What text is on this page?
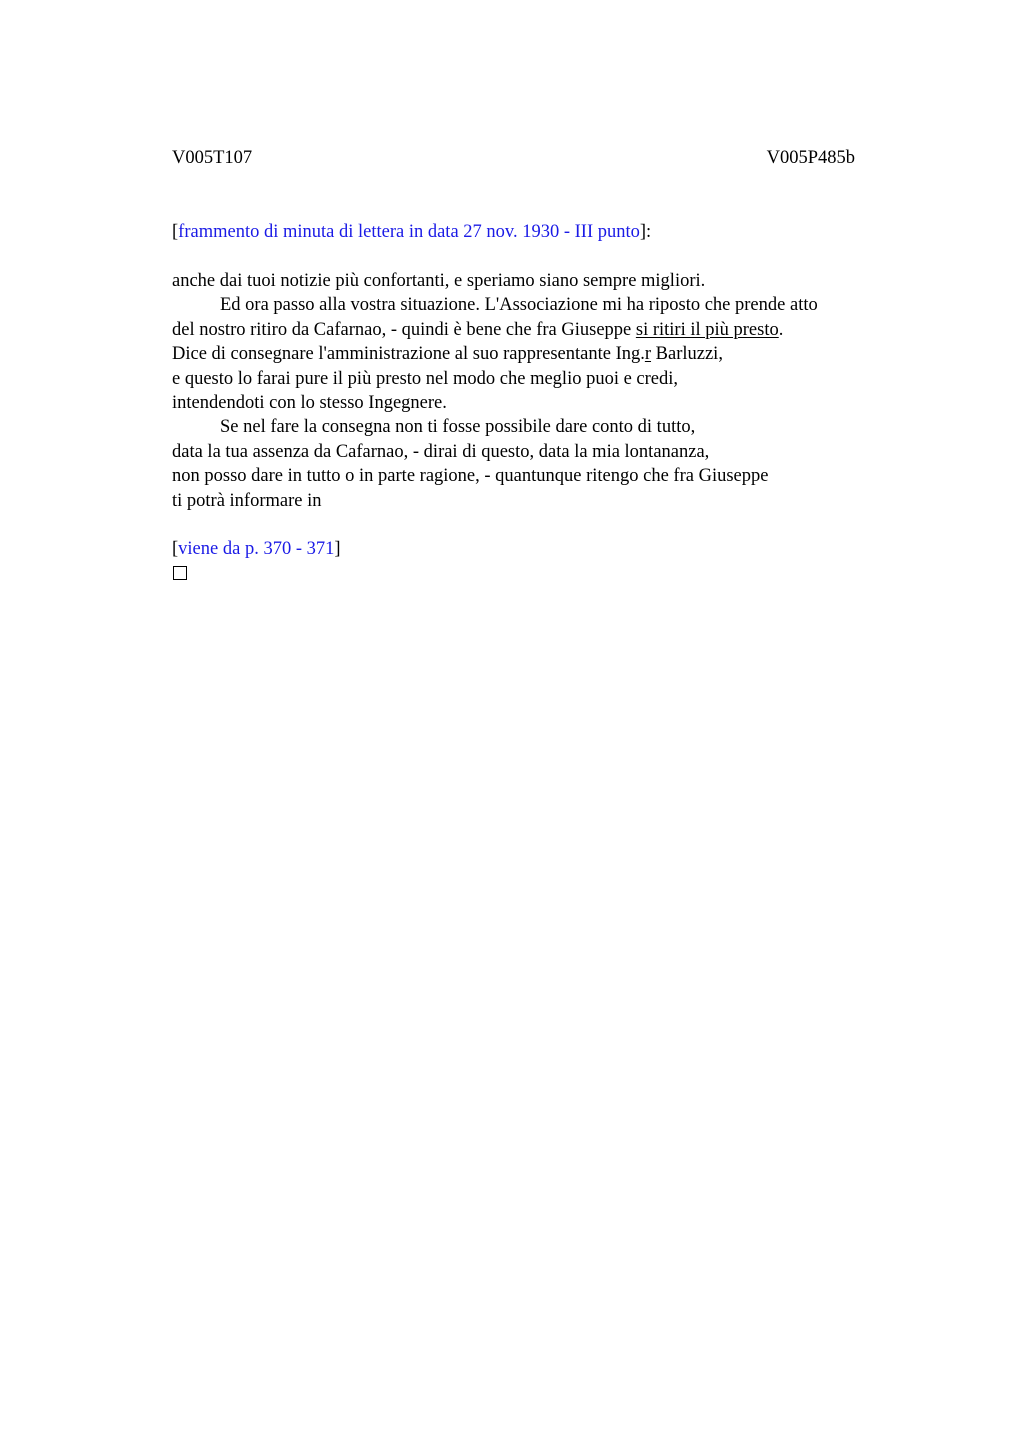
V005T107	V005P485b
[frammento di minuta di lettera in data 27 nov. 1930 - III punto]:
anche dai tuoi notizie più confortanti, e speriamo siano sempre migliori.
Ed ora passo alla vostra situazione. L'Associazione mi ha riposto che prende atto
del nostro ritiro da Cafarnao, - quindi è bene che fra Giuseppe si ritiri il più presto.
Dice di consegnare l'amministrazione al suo rappresentante Ing.r Barluzzi,
e questo lo farai pure il più presto nel modo che meglio puoi e credi,
intendendoti con lo stesso Ingegnere.
Se nel fare la consegna non ti fosse possibile dare conto di tutto,
data la tua assenza da Cafarnao, - dirai di questo, data la mia lontananza,
non posso dare in tutto o in parte ragione, - quantunque ritengo che fra Giuseppe
ti potrà informare in
[viene da p. 370 - 371]
